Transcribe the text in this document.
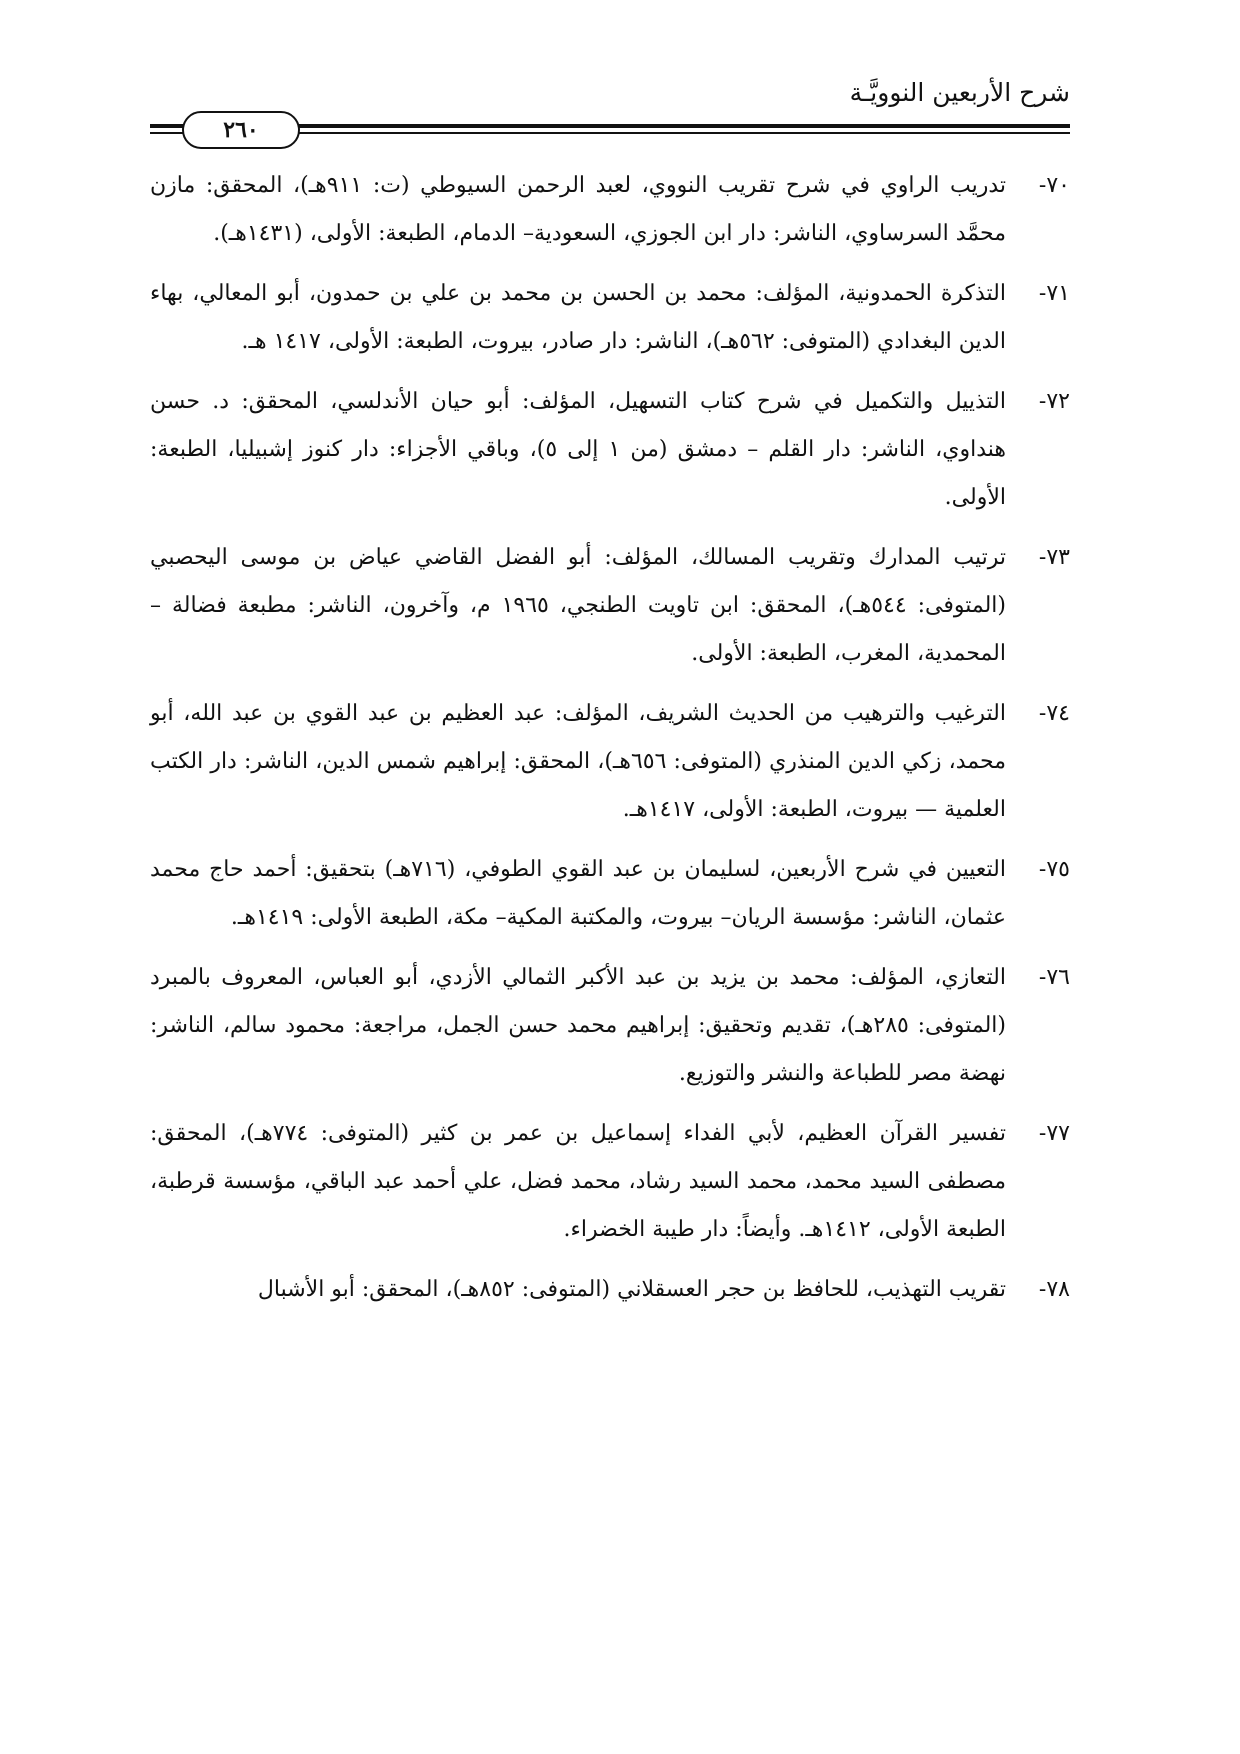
شرح الأربعين النوويَّـة
٢٦٠
٧٠-
تدريب الراوي في شرح تقريب النووي، لعبد الرحمن السيوطي (ت: ٩١١هـ)، المحقق: مازن محمَّد السرساوي، الناشر: دار ابن الجوزي، السعودية– الدمام، الطبعة: الأولى، (١٤٣١هـ).
٧١-
التذكرة الحمدونية، المؤلف: محمد بن الحسن بن محمد بن علي بن حمدون، أبو المعالي، بهاء الدين البغدادي (المتوفى: ٥٦٢هـ)، الناشر: دار صادر، بيروت، الطبعة: الأولى، ١٤١٧ هـ.
٧٢-
التذييل والتكميل في شرح كتاب التسهيل، المؤلف: أبو حيان الأندلسي، المحقق: د. حسن هنداوي، الناشر: دار القلم – دمشق (من ١ إلى ٥)، وباقي الأجزاء: دار كنوز إشبيليا، الطبعة: الأولى.
٧٣-
ترتيب المدارك وتقريب المسالك، المؤلف: أبو الفضل القاضي عياض بن موسى اليحصبي (المتوفى: ٥٤٤هـ)، المحقق: ابن تاويت الطنجي، ١٩٦٥ م، وآخرون، الناشر: مطبعة فضالة – المحمدية، المغرب، الطبعة: الأولى.
٧٤-
الترغيب والترهيب من الحديث الشريف، المؤلف: عبد العظيم بن عبد القوي بن عبد الله، أبو محمد، زكي الدين المنذري (المتوفى: ٦٥٦هـ)، المحقق: إبراهيم شمس الدين، الناشر: دار الكتب العلمية — بيروت، الطبعة: الأولى، ١٤١٧هـ.
٧٥-
التعيين في شرح الأربعين، لسليمان بن عبد القوي الطوفي، (٧١٦هـ) بتحقيق: أحمد حاج محمد عثمان، الناشر: مؤسسة الريان– بيروت، والمكتبة المكية– مكة، الطبعة الأولى: ١٤١٩هـ.
٧٦-
التعازي، المؤلف: محمد بن يزيد بن عبد الأكبر الثمالي الأزدي، أبو العباس، المعروف بالمبرد (المتوفى: ٢٨٥هـ)، تقديم وتحقيق: إبراهيم محمد حسن الجمل، مراجعة: محمود سالم، الناشر: نهضة مصر للطباعة والنشر والتوزيع.
٧٧-
تفسير القرآن العظيم، لأبي الفداء إسماعيل بن عمر بن كثير (المتوفى: ٧٧٤هـ)، المحقق: مصطفى السيد محمد، محمد السيد رشاد، محمد فضل، علي أحمد عبد الباقي، مؤسسة قرطبة، الطبعة الأولى، ١٤١٢هـ. وأيضاً: دار طيبة الخضراء.
٧٨-
تقريب التهذيب، للحافظ بن حجر العسقلاني (المتوفى: ٨٥٢هـ)، المحقق: أبو الأشبال
